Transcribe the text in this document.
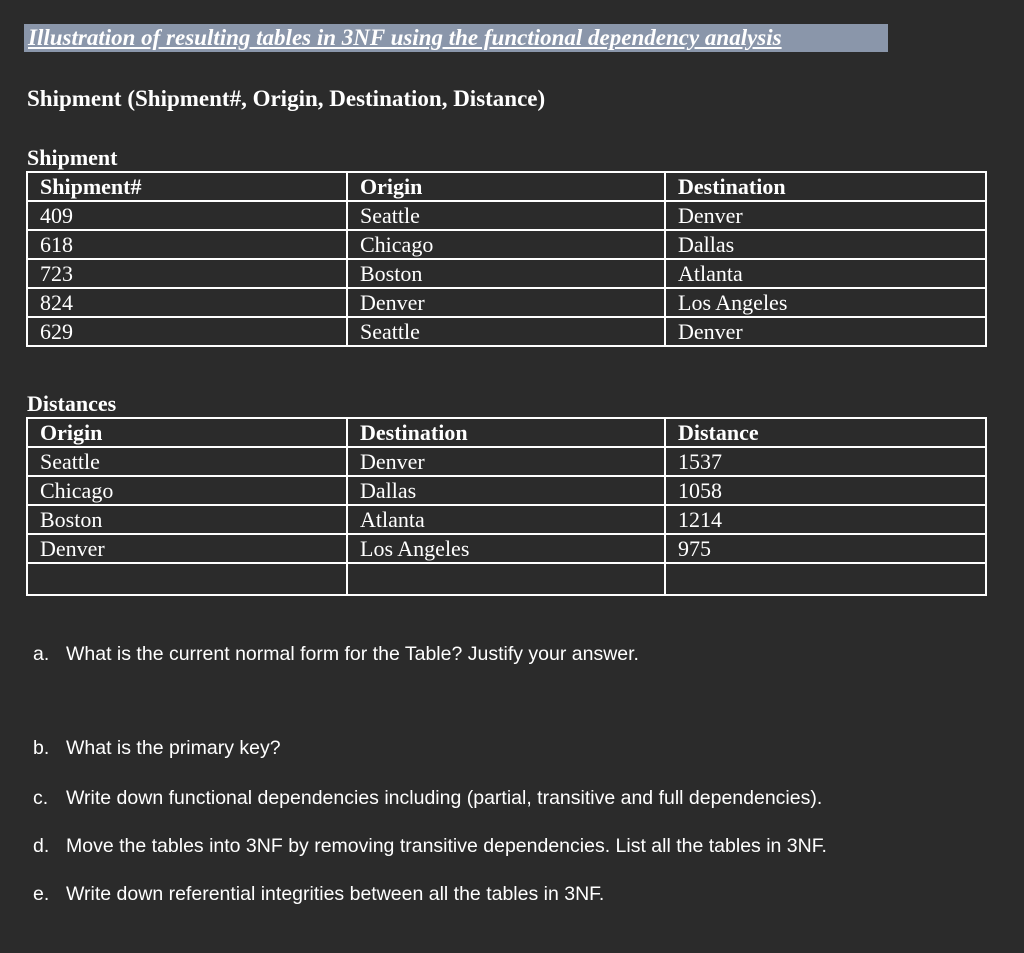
Illustration of resulting tables in 3NF using the functional dependency analysis
Shipment (Shipment#, Origin, Destination, Distance)
Shipment
Shipment#	Origin	Destination
409	Seattle	Denver
618	Chicago	Dallas
723	Boston	Atlanta
824	Denver	Los Angeles
629	Seattle	Denver
Distances
Origin	Destination	Distance
Seattle	Denver	1537
Chicago	Dallas	1058
Boston	Atlanta	1214
Denver	Los Angeles	975

a. What is the current normal form for the Table? Justify your answer.
b. What is the primary key?
c. Write down functional dependencies including (partial, transitive and full dependencies).
d. Move the tables into 3NF by removing transitive dependencies. List all the tables in 3NF.
e. Write down referential integrities between all the tables in 3NF.
